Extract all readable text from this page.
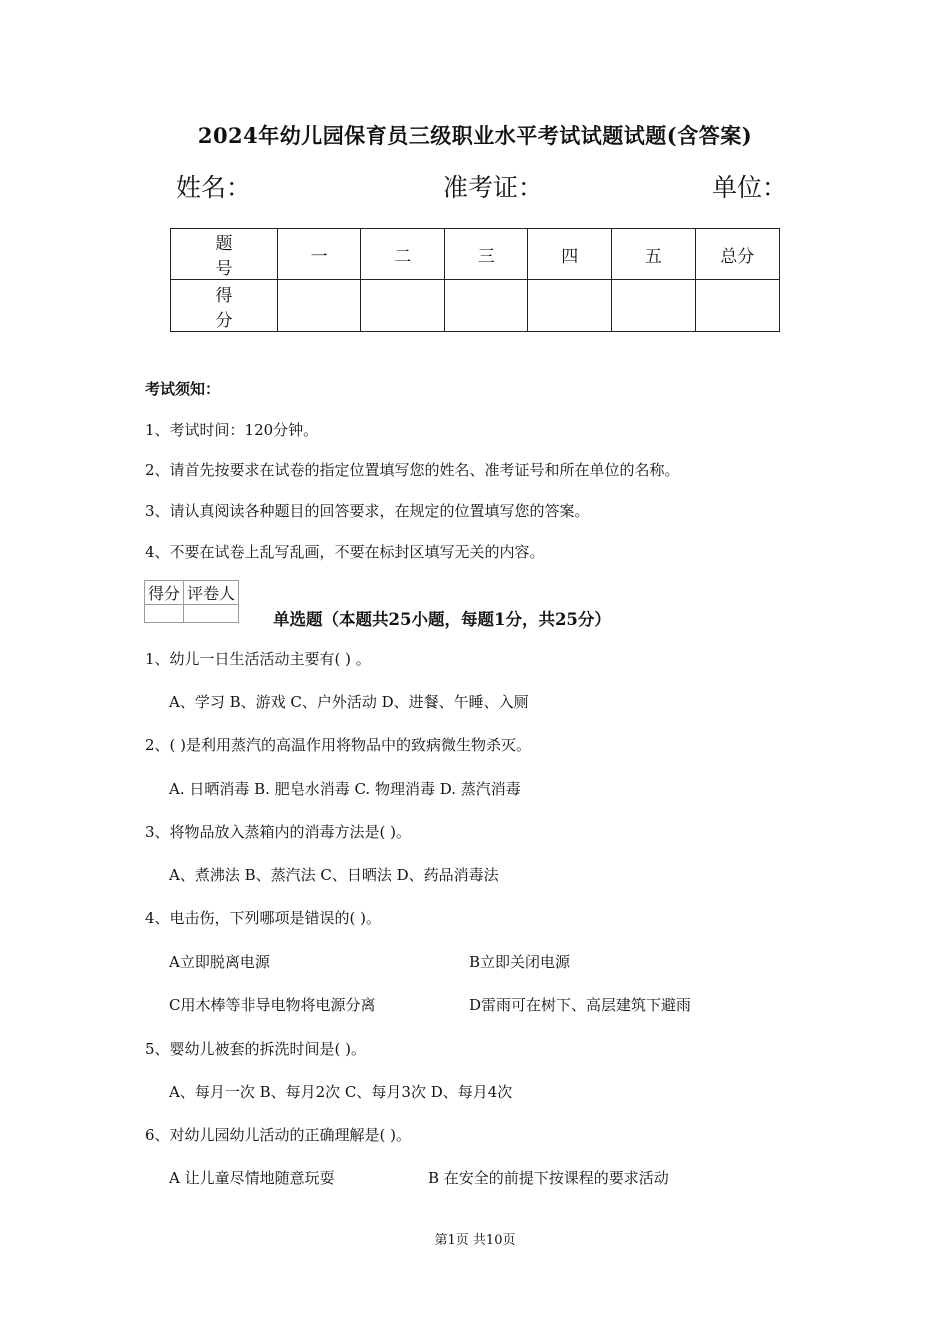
2024年幼儿园保育员三级职业水平考试试题试题(含答案)
姓名：	准考证：	单位：
题 号	一	二	三	四	五	总分
得 分						
考试须知：
1、考试时间：120分钟。
2、请首先按要求在试卷的指定位置填写您的姓名、准考证号和所在单位的名称。
3、请认真阅读各种题目的回答要求，在规定的位置填写您的答案。
4、不要在试卷上乱写乱画，不要在标封区填写无关的内容。
得分	评卷人

单选题（本题共25小题，每题1分，共25分）
1、幼儿一日生活活动主要有( ) 。
A、学习 B、游戏 C、户外活动 D、进餐、午睡、入厕
2、( )是利用蒸汽的高温作用将物品中的致病微生物杀灭。
A. 日晒消毒 B. 肥皂水消毒 C. 物理消毒 D. 蒸汽消毒
3、将物品放入蒸箱内的消毒方法是( )。
A、煮沸法 B、蒸汽法 C、日晒法 D、药品消毒法
4、电击伤，下列哪项是错误的( )。
A立即脱离电源	B立即关闭电源
C用木棒等非导电物将电源分离	D雷雨可在树下、高层建筑下避雨
5、婴幼儿被套的拆洗时间是( )。
A、每月一次 B、每月2次 C、每月3次 D、每月4次
6、对幼儿园幼儿活动的正确理解是( )。
A 让儿童尽情地随意玩耍	B 在安全的前提下按课程的要求活动
第1页 共10页
